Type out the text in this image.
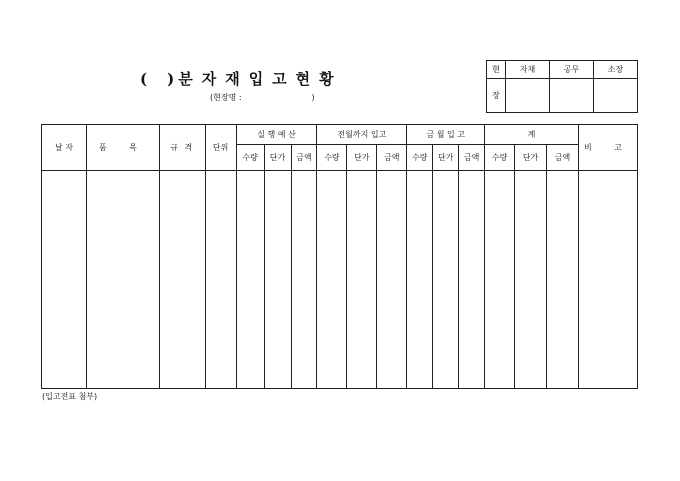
( ) 분자재입고현황
(현장명 :	)
현	자재	공무	소장
장			
날 자	품 목	규 격	단위	실 행 예 산			전월까지 입고			금 월 입 고			계			비 고
				수량	단가	금액	수량	단가	금액	수량	단가	금액	수량	단가	금액	

(입고전표 첨부)
